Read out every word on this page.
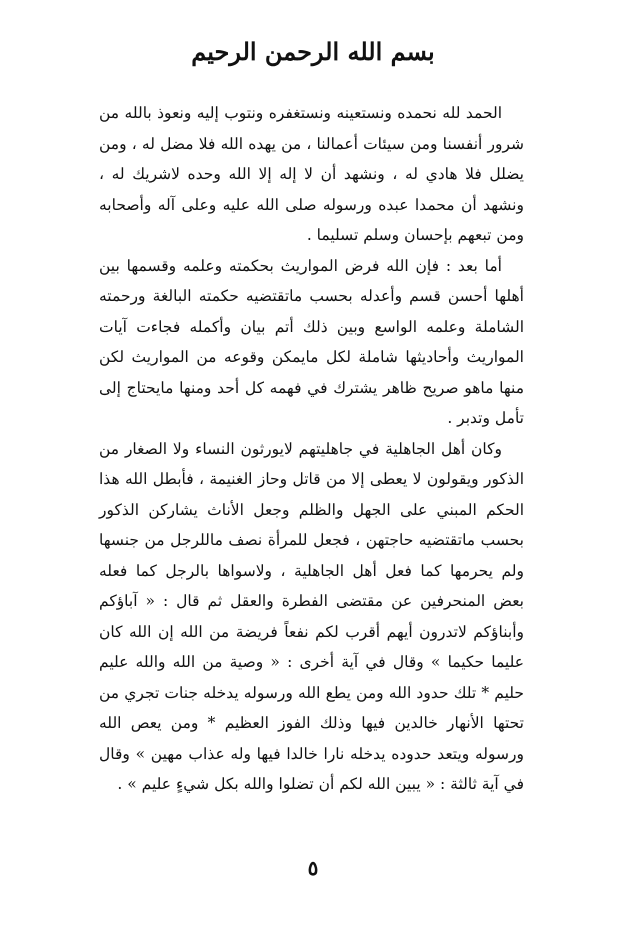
بسم الله الرحمن الرحيم

الحمد لله نحمده ونستعينه ونستغفره ونتوب إليه ونعوذ بالله من شرور أنفسنا ومن سيئات أعمالنا ، من يهده الله فلا مضل له ، ومن يضلل فلا هادي له ، ونشهد أن لا إله إلا الله وحده لاشريك له ، ونشهد أن محمدا عبده ورسوله صلى الله عليه وعلى آله وأصحابه ومن تبعهم بإحسان وسلم تسليما .

أما بعد : فإن الله فرض المواريث بحكمته وعلمه وقسمها بين أهلها أحسن قسم وأعدله بحسب ماتقتضيه حكمته البالغة ورحمته الشاملة وعلمه الواسع وبين ذلك أتم بيان وأكمله فجاءت آيات المواريث وأحاديثها شاملة لكل مايمكن وقوعه من المواريث لكن منها ماهو صريح ظاهر يشترك في فهمه كل أحد ومنها مايحتاج إلى تأمل وتدبر .

وكان أهل الجاهلية في جاهليتهم لايورثون النساء ولا الصغار من الذكور ويقولون لا يعطى إلا من قاتل وحاز الغنيمة ، فأبطل الله هذا الحكم المبني على الجهل والظلم وجعل الأناث يشاركن الذكور بحسب ماتقتضيه حاجتهن ، فجعل للمرأة نصف ماللرجل من جنسها ولم يحرمها كما فعل أهل الجاهلية ، ولاسواها بالرجل كما فعله بعض المنحرفين عن مقتضى الفطرة والعقل ثم قال : « آباؤكم وأبناؤكم لاتدرون أيهم أقرب لكم نفعاً فريضة من الله إن الله كان عليما حكيما » وقال في آية أخرى : « وصية من الله والله عليم حليم * تلك حدود الله ومن يطع الله ورسوله يدخله جنات تجري من تحتها الأنهار خالدين فيها وذلك الفوز العظيم * ومن يعص الله ورسوله ويتعد حدوده يدخله نارا خالدا فيها وله عذاب مهين » وقال في آية ثالثة : « يبين الله لكم أن تضلوا والله بكل شيءٍ عليم » .

٥
